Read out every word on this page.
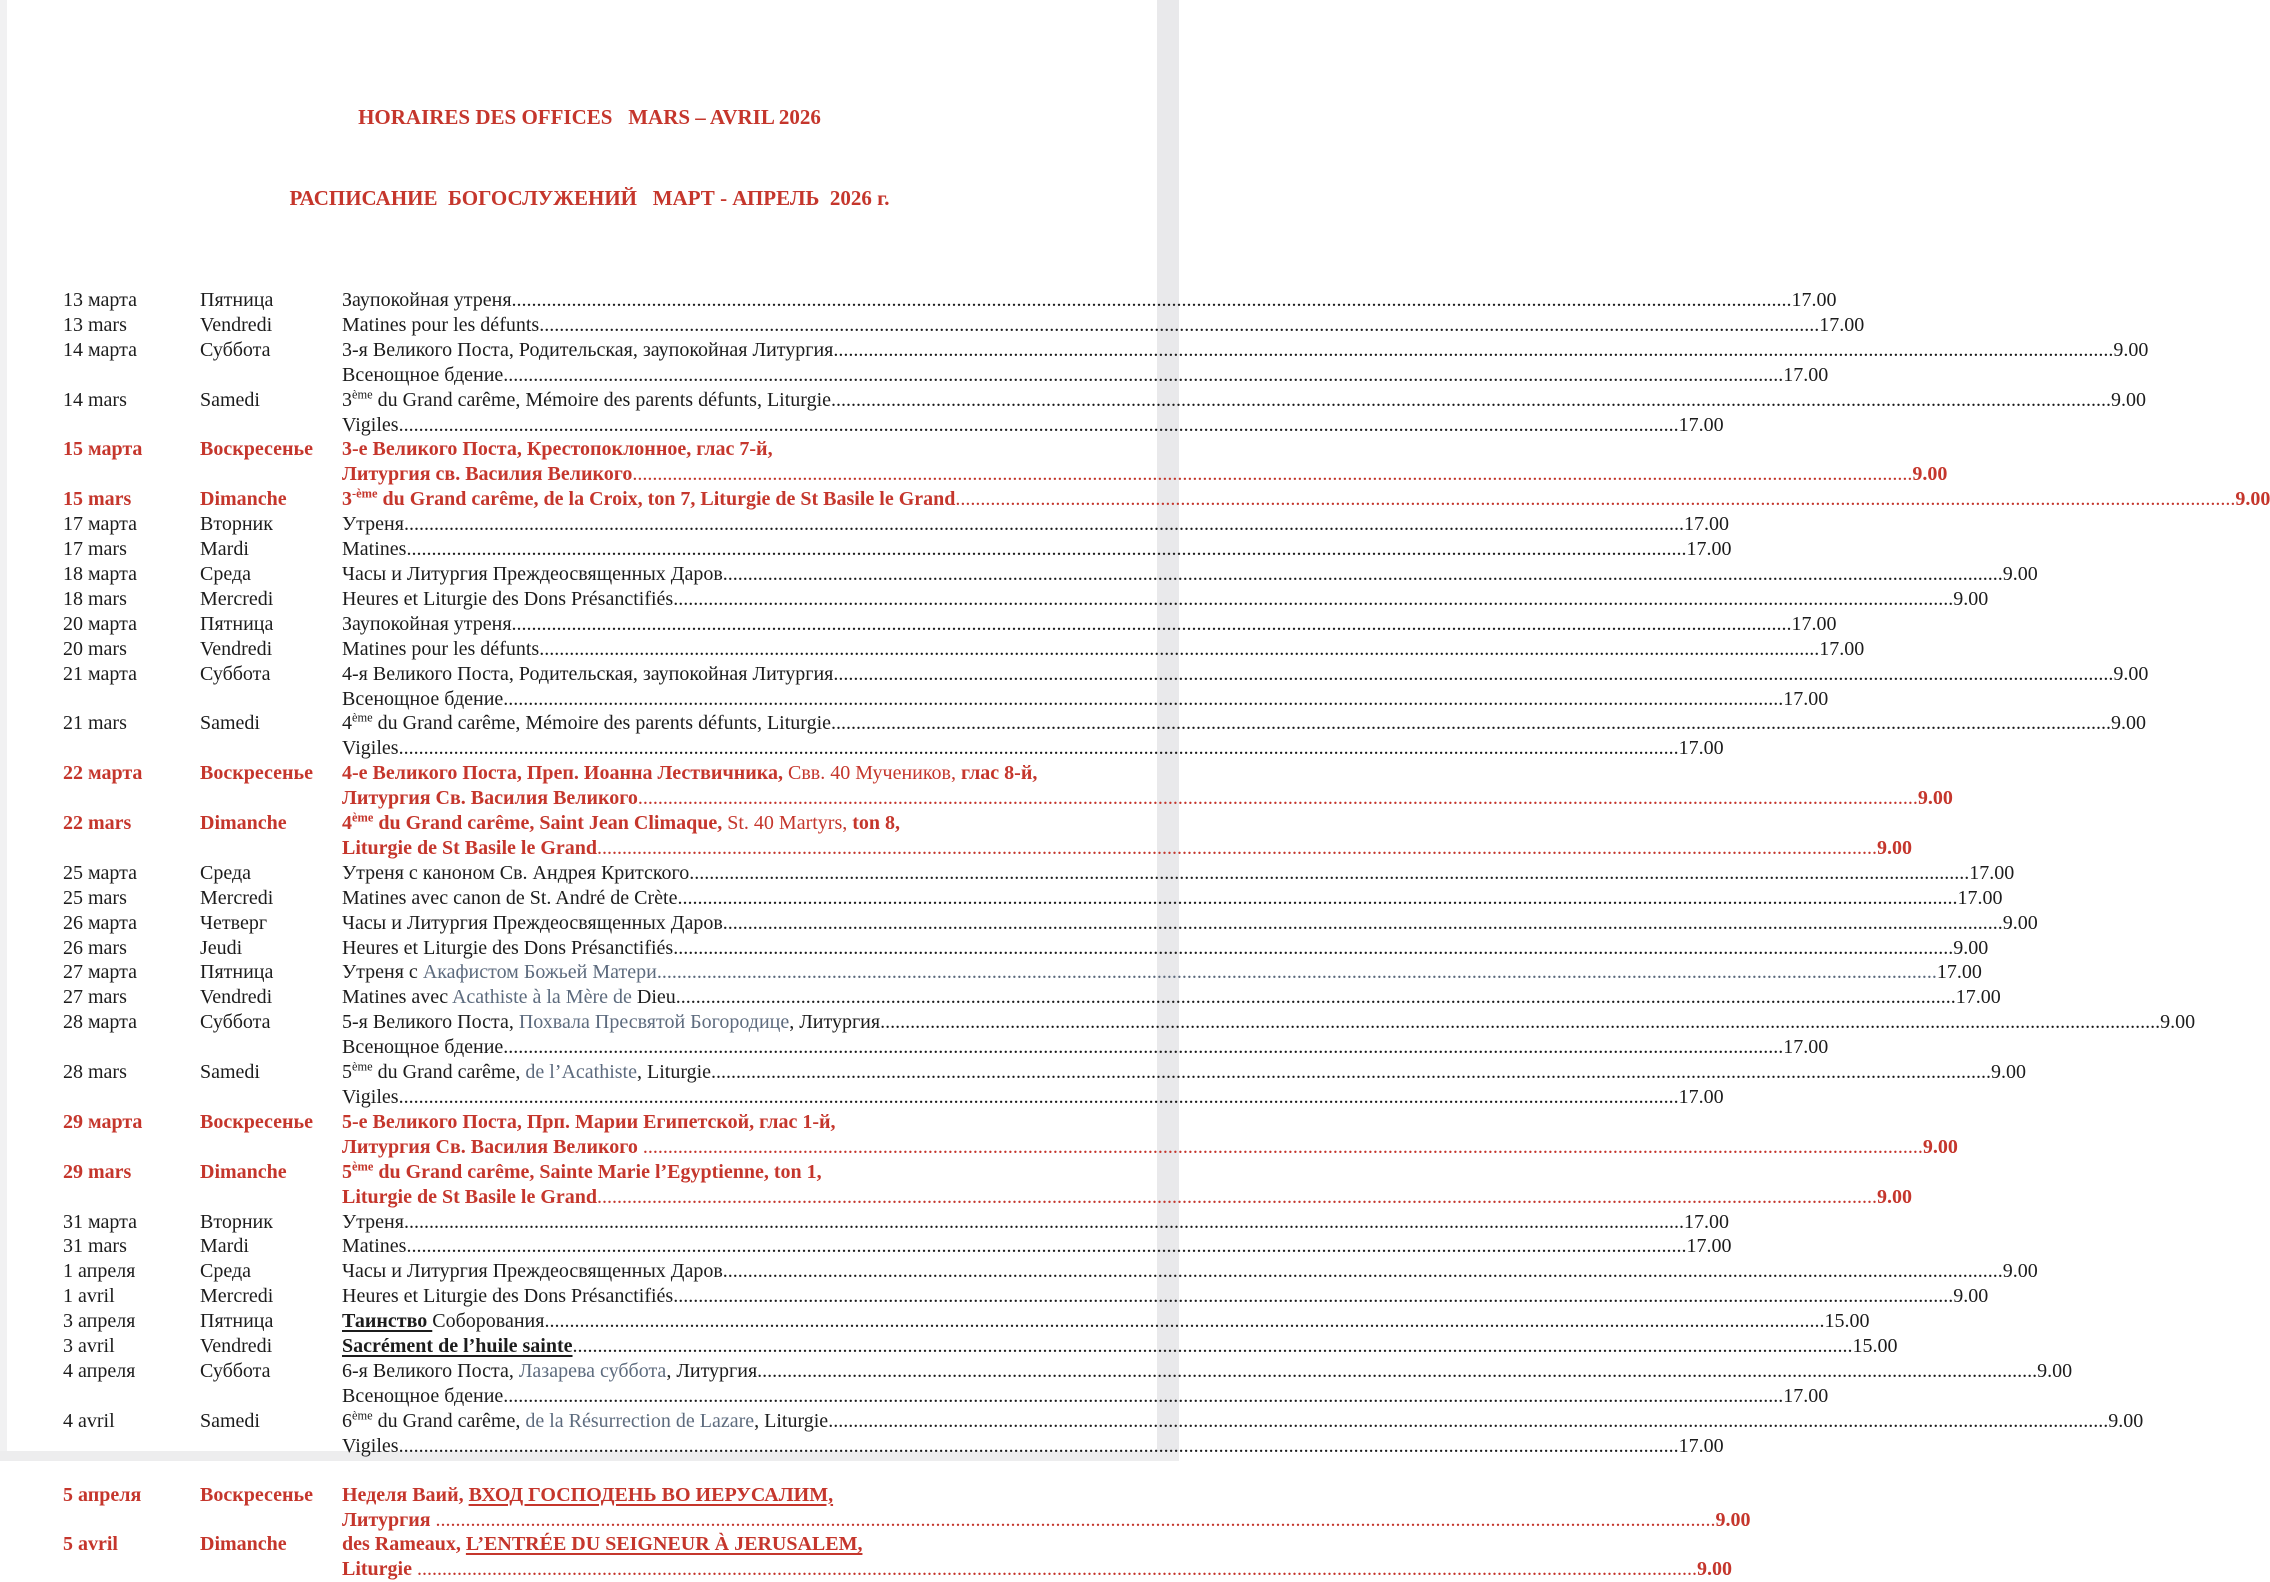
HORAIRES DES OFFICES   MARS – AVRIL 2026

РАСПИСАНИЕ  БОГОСЛУЖЕНИЙ   МАРТ - АПРЕЛЬ  2026 г.

13 марта	Пятница	Заупокойная утреня .....	17.00
13 mars	Vendredi	Matines pour les défunts .....	17.00
14 марта	Суббота	3-я Великого Поста, Родительская, заупокойная Литургия .....	9.00
Всенощное бдение .....	17.00
14 mars	Samedi	3ème du Grand carême, Mémoire des parents défunts, Liturgie .....	9.00
Vigiles .....	17.00
15 марта	Воскресенье	3-е Великого Поста, Крестопоклонное, глас 7-й,
Литургия св. Василия Великого .....	9.00
15 mars	Dimanche	$3^{-ème}$ du Grand carême, de la Croix, ton 7, Liturgie de St Basile le Grand .....	9.00
17 марта	Вторник	Утреня .....	17.00
17 mars	Mardi	Matines .....	17.00
18 марта	Среда	Часы и Литургия Преждеосвященных Даров .....	9.00
18 mars	Mercredi	Heures et Liturgie des Dons Présanctifiés .....	9.00
20 марта	Пятница	Заупокойная утреня .....	17.00
20 mars	Vendredi	Matines pour les défunts .....	17.00
21 марта	Суббота	4-я Великого Поста, Родительская, заупокойная Литургия .....	9.00
Всенощное бдение .....	17.00
21 mars	Samedi	4ème du Grand carême, Mémoire des parents défunts, Liturgie .....	9.00
Vigiles .....	17.00
22 марта	Воскресенье	4-е Великого Поста, Преп. Иоанна Лествичника, Свв. 40 Мучеников, глас 8-й,
Литургия Св. Василия Великого .....	9.00
22 mars	Dimanche	4ème du Grand carême, Saint Jean Climaque, St. 40 Martyrs, ton 8,
Liturgie de St Basile le Grand .....	9.00
25 марта	Среда	Утреня с каноном Св. Андрея Критского .....	17.00
25 mars	Mercredi	Matines avec canon de St. André de Crète .....	17.00
26 марта	Четверг	Часы и Литургия Преждеосвященных Даров .....	9.00
26 mars	Jeudi	Heures et Liturgie des Dons Présanctifiés .....	9.00
27 марта	Пятница	Утреня с Акафистом Божьей Матери .....	17.00
27 mars	Vendredi	Matines avec Acathiste à la Mère de Dieu .....	17.00
28 марта	Суббота	5-я Великого Поста, Похвала Пресвятой Богородице, Литургия .....	9.00
Всенощное бдение .....	17.00
28 mars	Samedi	5ème du Grand carême, de l’Acathiste, Liturgie .....	9.00
Vigiles .....	17.00
29 марта	Воскресенье	5-е Великого Поста, Прп. Марии Египетской, глас 1-й,
Литургия Св. Василия Великого .....	9.00
29 mars	Dimanche	5ème du Grand carême, Sainte Marie l’Egyptienne, ton 1,
Liturgie de St Basile le Grand .....	9.00
31 марта	Вторник	Утреня .....	17.00
31 mars	Mardi	Matines .....	17.00
1 апреля	Среда	Часы и Литургия Преждеосвященных Даров .....	9.00
1 avril	Mercredi	Heures et Liturgie des Dons Présanctifiés .....	9.00
3 апреля	Пятница	Таинство Соборования .....	15.00
3 avril	Vendredi	Sacrément de l’huile sainte .....	15.00
4 апреля	Суббота	6-я Великого Поста, Лазарева суббота, Литургия .....	9.00
Всенощное бдение .....	17.00
4 avril	Samedi	6ème du Grand carême, de la Résurrection de Lazare, Liturgie .....	9.00
Vigiles .....	17.00
5 апреля	Воскресенье	Неделя Ваий, ВХОД ГОСПОДЕНЬ ВО ИЕРУСАЛИМ,
Литургия .....	9.00
5 avril	Dimanche	des Rameaux, L’ENTRÉE DU SEIGNEUR À JERUSALEM,
Liturgie .....	9.00
